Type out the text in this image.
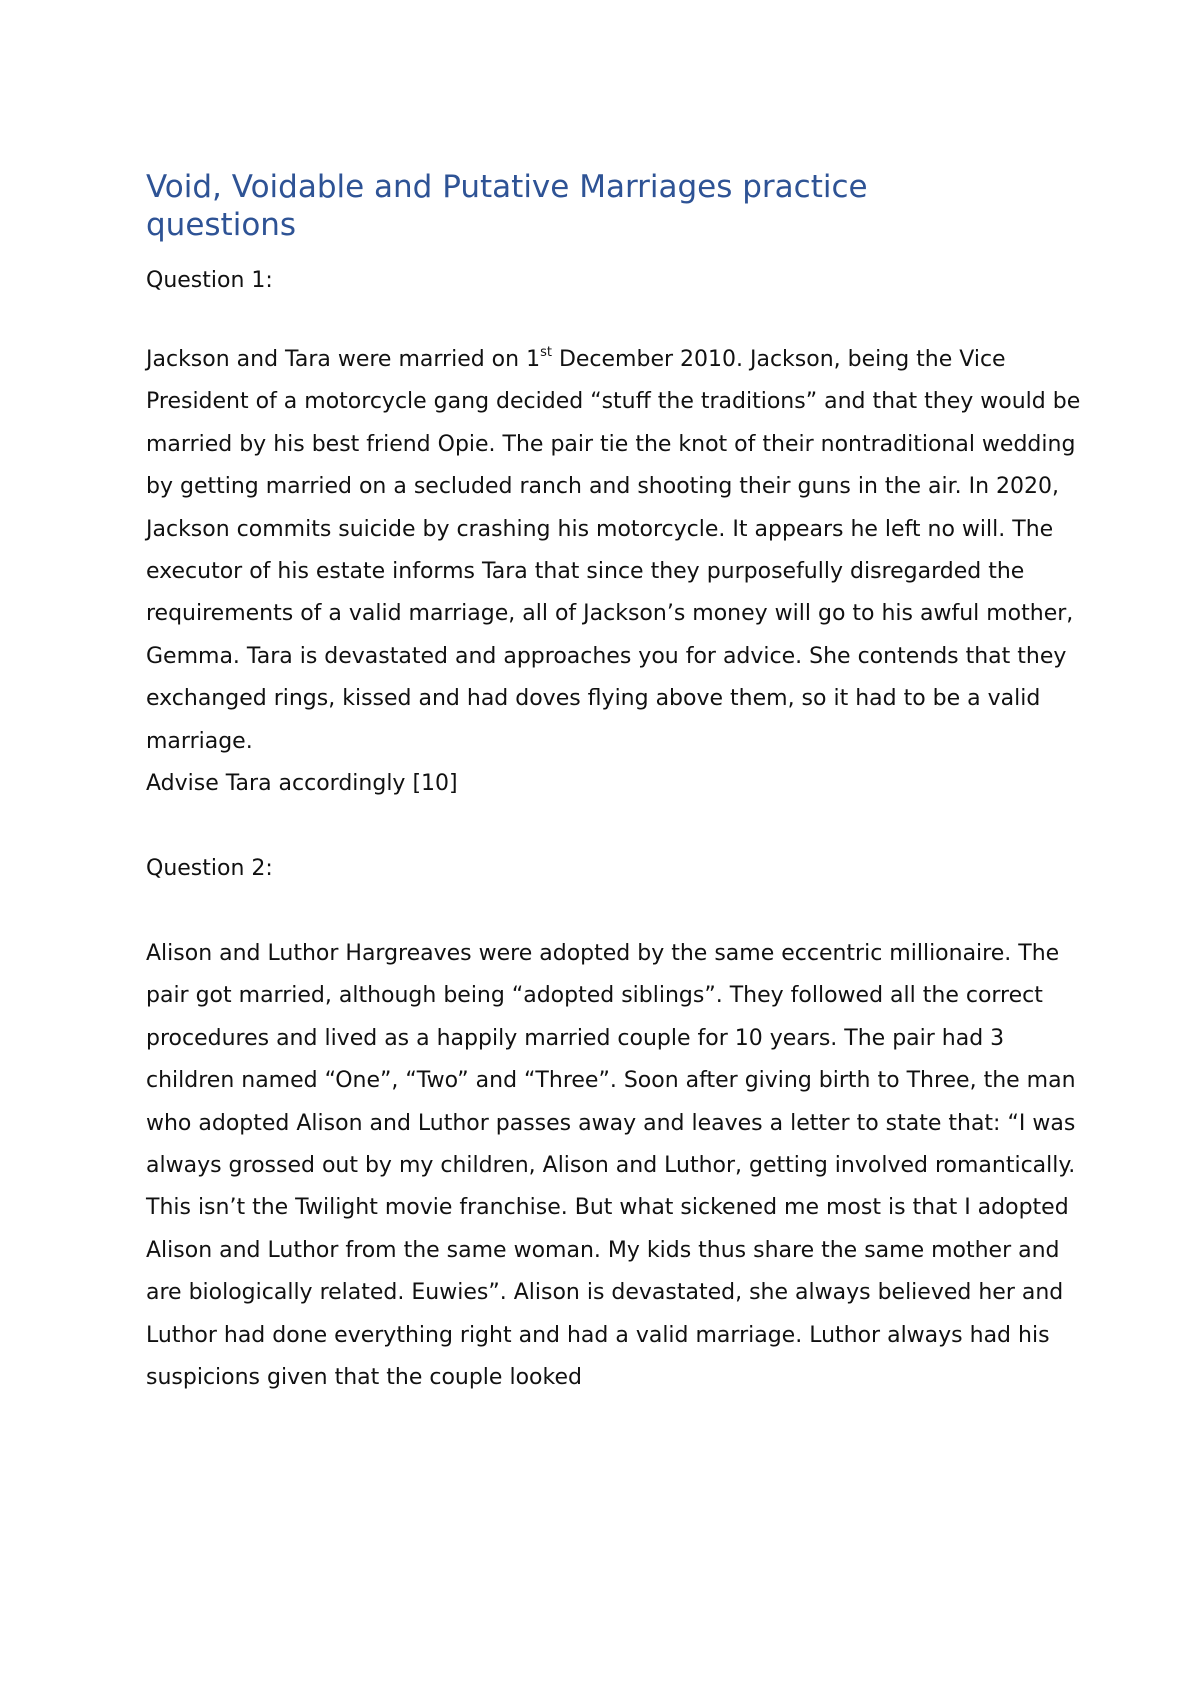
Void, Voidable and Putative Marriages practice questions

Question 1:

Jackson and Tara were married on 1st December 2010. Jackson, being the Vice President of a motorcycle gang decided “stuff the traditions” and that they would be married by his best friend Opie. The pair tie the knot of their nontraditional wedding by getting married on a secluded ranch and shooting their guns in the air. In 2020, Jackson commits suicide by crashing his motorcycle. It appears he left no will. The executor of his estate informs Tara that since they purposefully disregarded the requirements of a valid marriage, all of Jackson’s money will go to his awful mother, Gemma. Tara is devastated and approaches you for advice. She contends that they exchanged rings, kissed and had doves flying above them, so it had to be a valid marriage.

Advise Tara accordingly [10]

Question 2:

Alison and Luthor Hargreaves were adopted by the same eccentric millionaire. The pair got married, although being “adopted siblings”. They followed all the correct procedures and lived as a happily married couple for 10 years. The pair had 3 children named “One”, “Two” and “Three”. Soon after giving birth to Three, the man who adopted Alison and Luthor passes away and leaves a letter to state that: “I was always grossed out by my children, Alison and Luthor, getting involved romantically. This isn’t the Twilight movie franchise. But what sickened me most is that I adopted Alison and Luthor from the same woman. My kids thus share the same mother and are biologically related. Euwies”. Alison is devastated, she always believed her and Luthor had done everything right and had a valid marriage. Luthor always had his suspicions given that the couple looked
